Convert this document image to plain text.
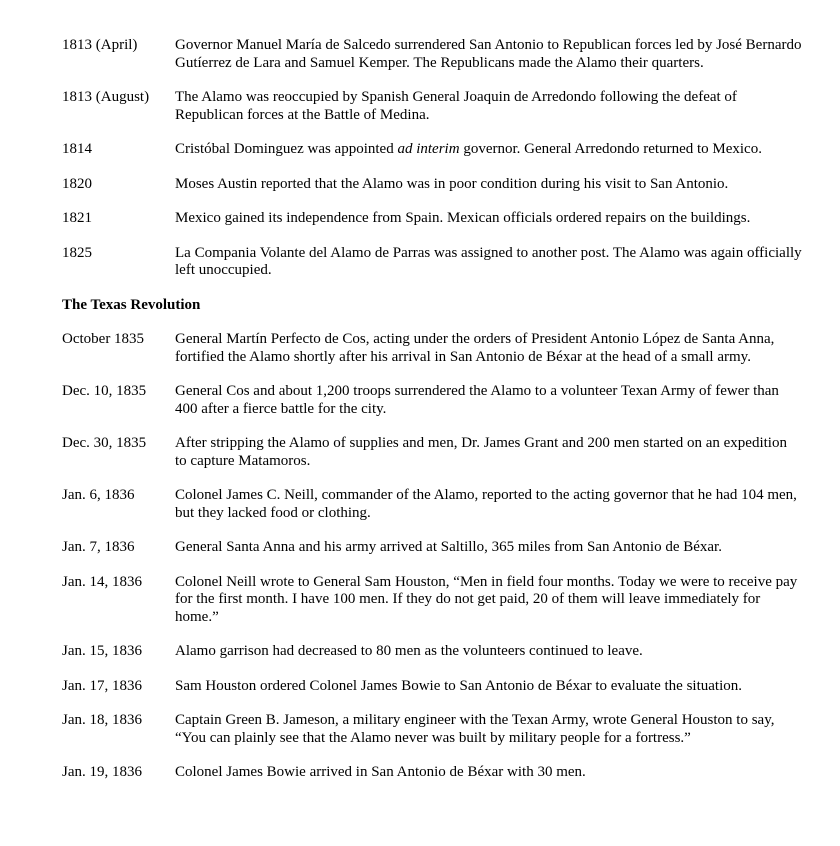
1813 (April)	Governor Manuel María de Salcedo surrendered San Antonio to Republican forces led by José Bernardo Gutíerrez de Lara and Samuel Kemper. The Republicans made the Alamo their quarters.
1813 (August)	The Alamo was reoccupied by Spanish General Joaquin de Arredondo following the defeat of Republican forces at the Battle of Medina.
1814	Cristóbal Dominguez was appointed ad interim governor. General Arredondo returned to Mexico.
1820	Moses Austin reported that the Alamo was in poor condition during his visit to San Antonio.
1821	Mexico gained its independence from Spain. Mexican officials ordered repairs on the buildings.
1825	La Compania Volante del Alamo de Parras was assigned to another post. The Alamo was again officially left unoccupied.
The Texas Revolution
October 1835	General Martín Perfecto de Cos, acting under the orders of President Antonio López de Santa Anna, fortified the Alamo shortly after his arrival in San Antonio de Béxar at the head of a small army.
Dec. 10, 1835	General Cos and about 1,200 troops surrendered the Alamo to a volunteer Texan Army of fewer than 400 after a fierce battle for the city.
Dec. 30, 1835	After stripping the Alamo of supplies and men, Dr. James Grant and 200 men started on an expedition to capture Matamoros.
Jan. 6, 1836	Colonel James C. Neill, commander of the Alamo, reported to the acting governor that he had 104 men, but they lacked food or clothing.
Jan. 7, 1836	General Santa Anna and his army arrived at Saltillo, 365 miles from San Antonio de Béxar.
Jan. 14, 1836	Colonel Neill wrote to General Sam Houston, “Men in field four months. Today we were to receive pay for the first month. I have 100 men. If they do not get paid, 20 of them will leave immediately for home.”
Jan. 15, 1836	Alamo garrison had decreased to 80 men as the volunteers continued to leave.
Jan. 17, 1836	Sam Houston ordered Colonel James Bowie to San Antonio de Béxar to evaluate the situation.
Jan. 18, 1836	Captain Green B. Jameson, a military engineer with the Texan Army, wrote General Houston to say, “You can plainly see that the Alamo never was built by military people for a fortress.”
Jan. 19, 1836	Colonel James Bowie arrived in San Antonio de Béxar with 30 men.
